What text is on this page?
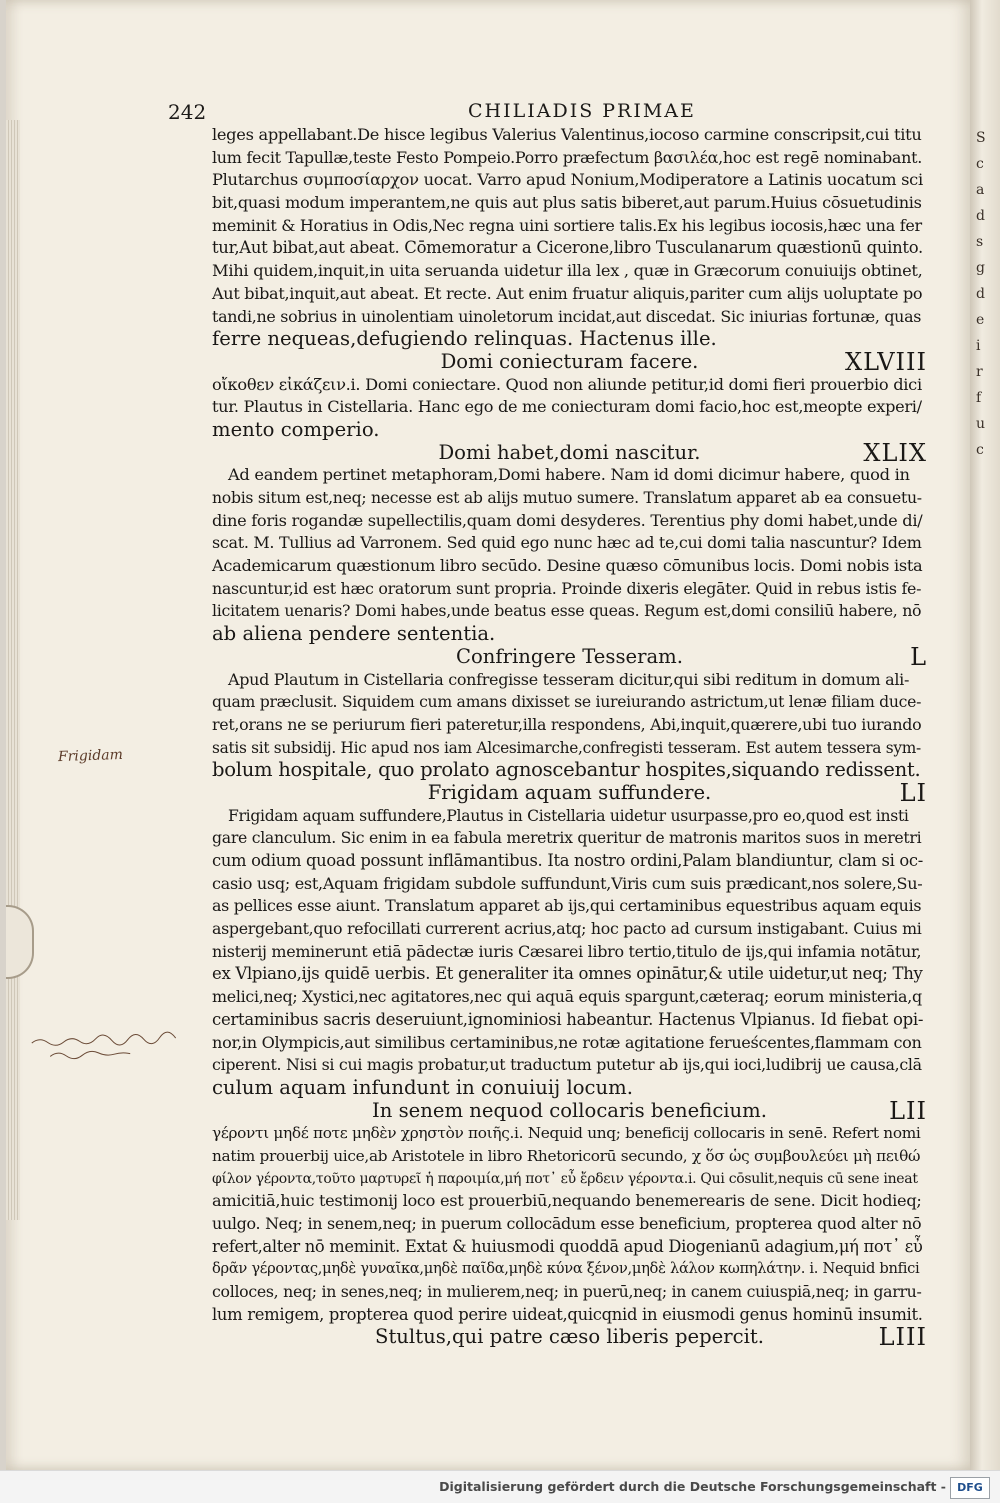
S
c
a
d
s
g
d
e
i
r
f
u
c
242	CHILIADIS PRIMAE
leges appellabant.De hisce legibus Valerius Valentinus,iocoso carmine conscripsit,cui titu
lum fecit Tapullæ,teste Festo Pompeio.Porro præfectum βασιλέα,hoc est regē nominabant.
Plutarchus συμποσίαρχον uocat. Varro apud Nonium,Modiperatore a Latinis uocatum sci
bit,quasi modum imperantem,ne quis aut plus satis biberet,aut parum.Huius cōsuetudinis
meminit & Horatius in Odis,Nec regna uini sortiere talis.Ex his legibus iocosis,hæc una fer
tur,Aut bibat,aut abeat. Cōmemoratur a Cicerone,libro Tusculanarum quæstionū quinto.
Mihi quidem,inquit,in uita seruanda uidetur illa lex , quæ in Græcorum conuiuijs obtinet,
Aut bibat,inquit,aut abeat. Et recte. Aut enim fruatur aliquis,pariter cum alijs uoluptate po
tandi,ne sobrius in uinolentiam uinoletorum incidat,aut discedat. Sic iniurias fortunæ, quas
ferre nequeas,defugiendo relinquas. Hactenus ille.
Domi coniecturam facere.	XLVIII
οἴκοθεν εἰκάζειν.i. Domi coniectare. Quod non aliunde petitur,id domi fieri prouerbio dici
tur. Plautus in Cistellaria. Hanc ego de me coniecturam domi facio,hoc est,meopte experi/
mento comperio.
Domi habet,domi nascitur.	XLIX
Ad eandem pertinet metaphoram,Domi habere. Nam id domi dicimur habere, quod in
nobis situm est,neq; necesse est ab alijs mutuo sumere. Translatum apparet ab ea consuetu-
dine foris rogandæ supellectilis,quam domi desyderes. Terentius phy domi habet,unde di/
scat. M. Tullius ad Varronem. Sed quid ego nunc hæc ad te,cui domi talia nascuntur? Idem
Academicarum quæstionum libro secūdo. Desine quæso cōmunibus locis. Domi nobis ista
nascuntur,id est hæc oratorum sunt propria. Proinde dixeris elegāter. Quid in rebus istis fe-
licitatem uenaris? Domi habes,unde beatus esse queas. Regum est,domi consiliū habere, nō
ab aliena pendere sententia.
Confringere Tesseram.	L
Apud Plautum in Cistellaria confregisse tesseram dicitur,qui sibi reditum in domum ali-
quam præclusit. Siquidem cum amans dixisset se iureiurando astrictum,ut lenæ filiam duce-
ret,orans ne se periurum fieri pateretur,illa respondens, Abi,inquit,quærere,ubi tuo iurando
satis sit subsidij. Hic apud nos iam Alcesimarche,confregisti tesseram. Est autem tessera sym-
bolum hospitale, quo prolato agnoscebantur hospites,siquando redissent.
Frigidam aquam suffundere.	LI
Frigidam aquam suffundere,Plautus in Cistellaria uidetur usurpasse,pro eo,quod est insti
gare clanculum. Sic enim in ea fabula meretrix queritur de matronis maritos suos in meretri
cum odium quoad possunt inflāmantibus. Ita nostro ordini,Palam blandiuntur, clam si oc-
casio usq; est,Aquam frigidam subdole suffundunt,Viris cum suis prædicant,nos solere,Su-
as pellices esse aiunt. Translatum apparet ab ijs,qui certaminibus equestribus aquam equis
aspergebant,quo refocillati currerent acrius,atq; hoc pacto ad cursum instigabant. Cuius mi
nisterij meminerunt etiā pādectæ iuris Cæsarei libro tertio,titulo de ijs,qui infamia notātur,
ex Vlpiano,ijs quidē uerbis. Et generaliter ita omnes opinātur,& utile uidetur,ut neq; Thy
melici,neq; Xystici,nec agitatores,nec qui aquā equis spargunt,cæteraq; eorum ministeria,q
certaminibus sacris deseruiunt,ignominiosi habeantur. Hactenus Vlpianus. Id fiebat opi-
nor,in Olympicis,aut similibus certaminibus,ne rotæ agitatione ferueścentes,flammam con
ciperent. Nisi si cui magis probatur,ut traductum putetur ab ijs,qui ioci,ludibrij ue causa,clā
culum aquam infundunt in conuiuij locum.
In senem nequod collocaris beneficium.	LII
γέροντι μηδέ ποτε μηδὲν χρηστὸν ποιῆς.i. Nequid unq; beneficij collocaris in senē. Refert nomi
natim prouerbij uice,ab Aristotele in libro Rhetoricorū secundo, χ ὅσ ὡς συμβουλεύει μὴ πειθώ
φίλον γέροντα,τοῦτο μαρτυρεῖ ἡ παροιμία,μή ποτ᾽ εὖ ἔρδειν γέροντα.i. Qui cōsulit,nequis cū sene ineat
amicitiā,huic testimonij loco est prouerbiū,nequando benemerearis de sene. Dicit hodieq;
uulgo. Neq; in senem,neq; in puerum collocādum esse beneficium, propterea quod alter nō
refert,alter nō meminit. Extat & huiusmodi quoddā apud Diogenianū adagium,μή ποτ᾽ εὖ
δρᾶν γέροντας,μηδὲ γυναῖκα,μηδὲ παῖδα,μηδὲ κύνα ξένον,μηδὲ λάλον κωπηλάτην. i. Nequid bnfici
colloces, neq; in senes,neq; in mulierem,neq; in puerū,neq; in canem cuiuspiā,neq; in garru-
lum remigem, propterea quod perire uideat,quicqnid in eiusmodi genus hominū insumit.
Stultus,qui patre cæso liberis pepercit.	LIII
Frigidam
Digitalisierung gefördert durch die Deutsche Forschungsgemeinschaft -	DFG
